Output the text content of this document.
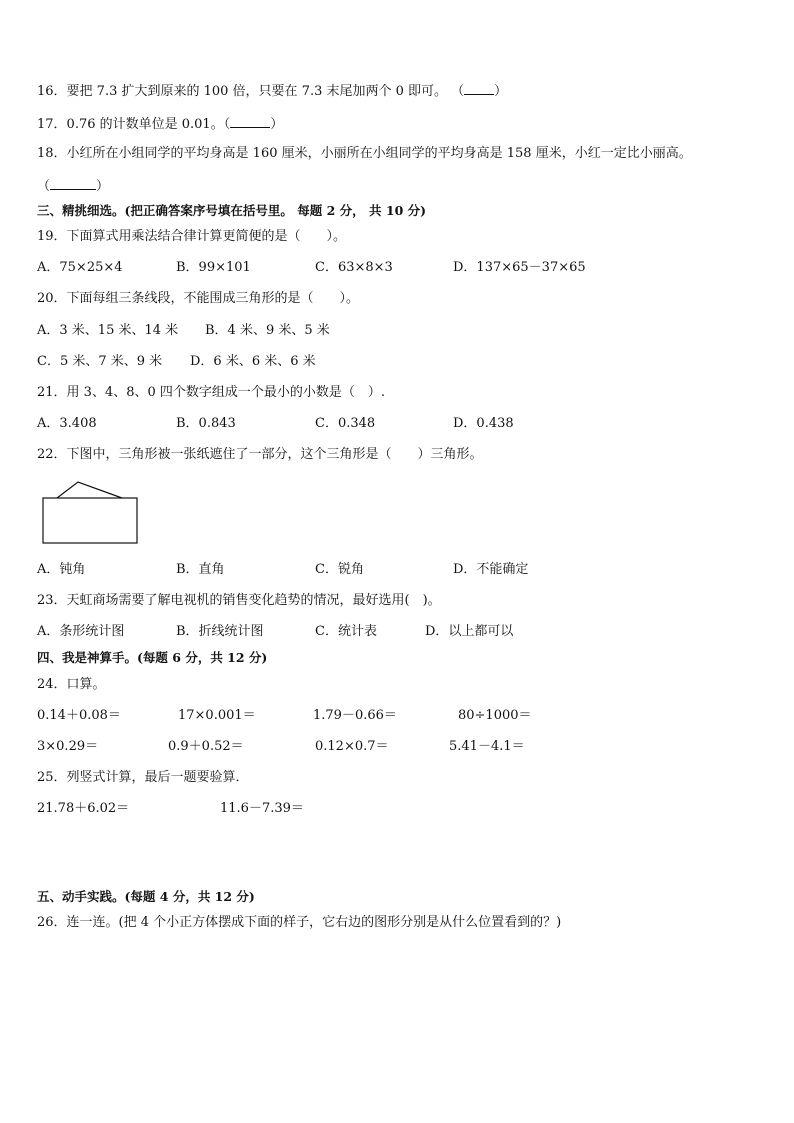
16．要把 7.3 扩大到原来的 100 倍，只要在 7.3 末尾加两个 0 即可。 （ ）
17．0.76 的计数单位是 0.01。（	）
18．小红所在小组同学的平均身高是 160 厘米，小丽所在小组同学的平均身高是 158 厘米，小红一定比小丽高。
（	）
三、精挑细选。(把正确答案序号填在括号里。 每题 2 分， 共 10 分)
19．下面算式用乘法结合律计算更简便的是（　　）。
A．75×25×4	B．99×101	C．63×8×3	D．137×65－37×65
20．下面每组三条线段，不能围成三角形的是（　　）。
A．3 米、15 米、14 米 B．4 米、9 米、5 米
C．5 米、7 米、9 米 D．6 米、6 米、6 米
21．用 3、4、8、0 四个数字组成一个最小的小数是（　）.
A．3.408	B．0.843	C．0.348	D．0.438
22．下图中，三角形被一张纸遮住了一部分，这个三角形是（　　）三角形。
A．钝角	B．直角	C．锐角	D．不能确定
23．天虹商场需要了解电视机的销售变化趋势的情况，最好选用(　)。
A．条形统计图	B．折线统计图	C．统计表	D．以上都可以
四、我是神算手。(每题 6 分，共 12 分)
24．口算。
0.14＋0.08＝	17×0.001＝	1.79－0.66＝	80÷1000＝
3×0.29＝	0.9＋0.52＝	0.12×0.7＝	5.41－4.1＝
25．列竖式计算，最后一题要验算．
21.78＋6.02＝	11.6－7.39＝
五、动手实践。(每题 4 分，共 12 分)
26．连一连。(把 4 个小正方体摆成下面的样子，它右边的图形分别是从什么位置看到的？)
